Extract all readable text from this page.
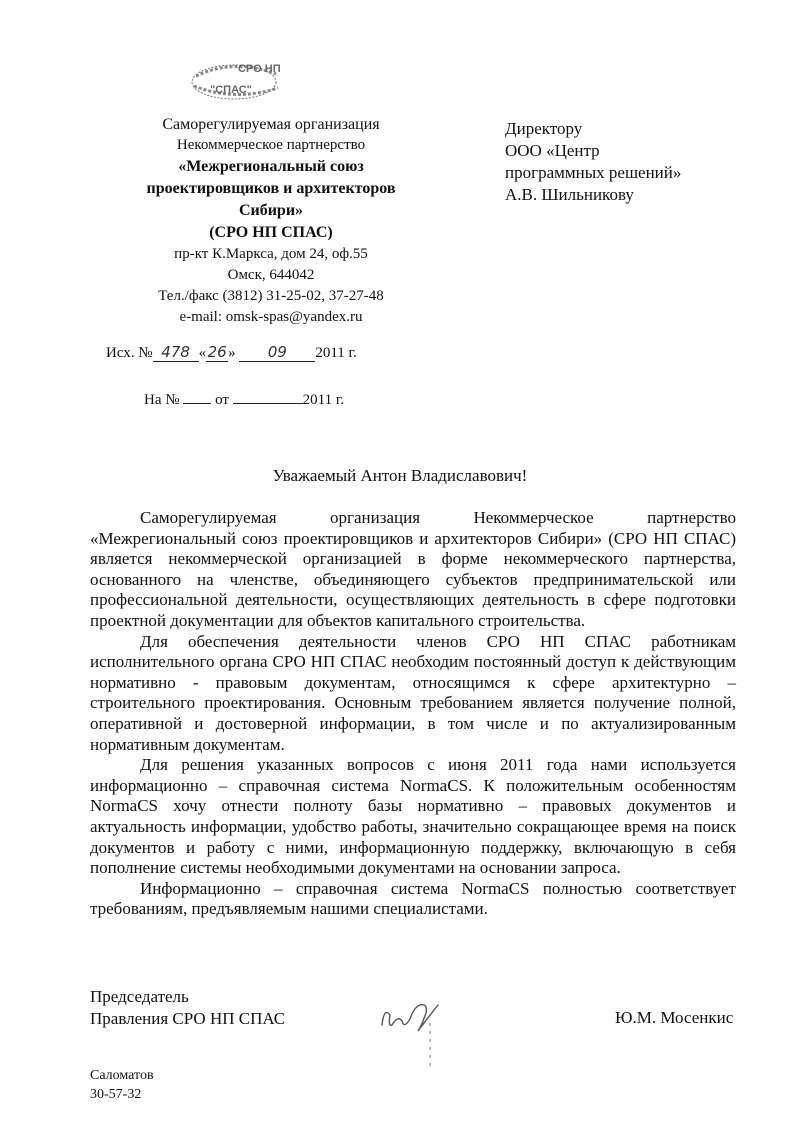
СРО НП
"СПАС"
Саморегулируемая организация
Некоммерческое партнерство
«Межрегиональный союз
проектировщиков и архитекторов
Сибири»
(СРО НП СПАС)
пр-кт К.Маркса, дом 24, оф.55
Омск, 644042
Тел./факс (3812) 31-25-02, 37-27-48
e-mail: omsk-spas@yandex.ru
Директору
ООО «Центр
программных решений»
А.В. Шильникову
Исх. № 478 «26» 09 2011 г.
На № от	2011 г.
Уважаемый Антон Владиславович!

Саморегулируемая организация Некоммерческое партнерство «Межрегиональный союз проектировщиков и архитекторов Сибири» (СРО НП СПАС) является некоммерческой организацией в форме некоммерческого партнерства, основанного на членстве, объединяющего субъектов предпринимательской или профессиональной деятельности, осуществляющих деятельность в сфере подготовки проектной документации для объектов капитального строительства.

Для обеспечения деятельности членов СРО НП СПАС работникам исполнительного органа СРО НП СПАС необходим постоянный доступ к действующим нормативно - правовым документам, относящимся к сфере архитектурно – строительного проектирования. Основным требованием является получение полной, оперативной и достоверной информации, в том числе и по актуализированным нормативным документам.

Для решения указанных вопросов с июня 2011 года нами используется информационно – справочная система NormaCS. К положительным особенностям NormaCS хочу отнести полноту базы нормативно – правовых документов и актуальность информации, удобство работы, значительно сокращающее время на поиск документов и работу с ними, информационную поддержку, включающую в себя пополнение системы необходимыми документами на основании запроса.

Информационно – справочная система NormaCS полностью соответствует требованиям, предъявляемым нашими специалистами.

Председатель
Правления СРО НП СПАС	Ю.М. Мосенкис
Саломатов
30-57-32
